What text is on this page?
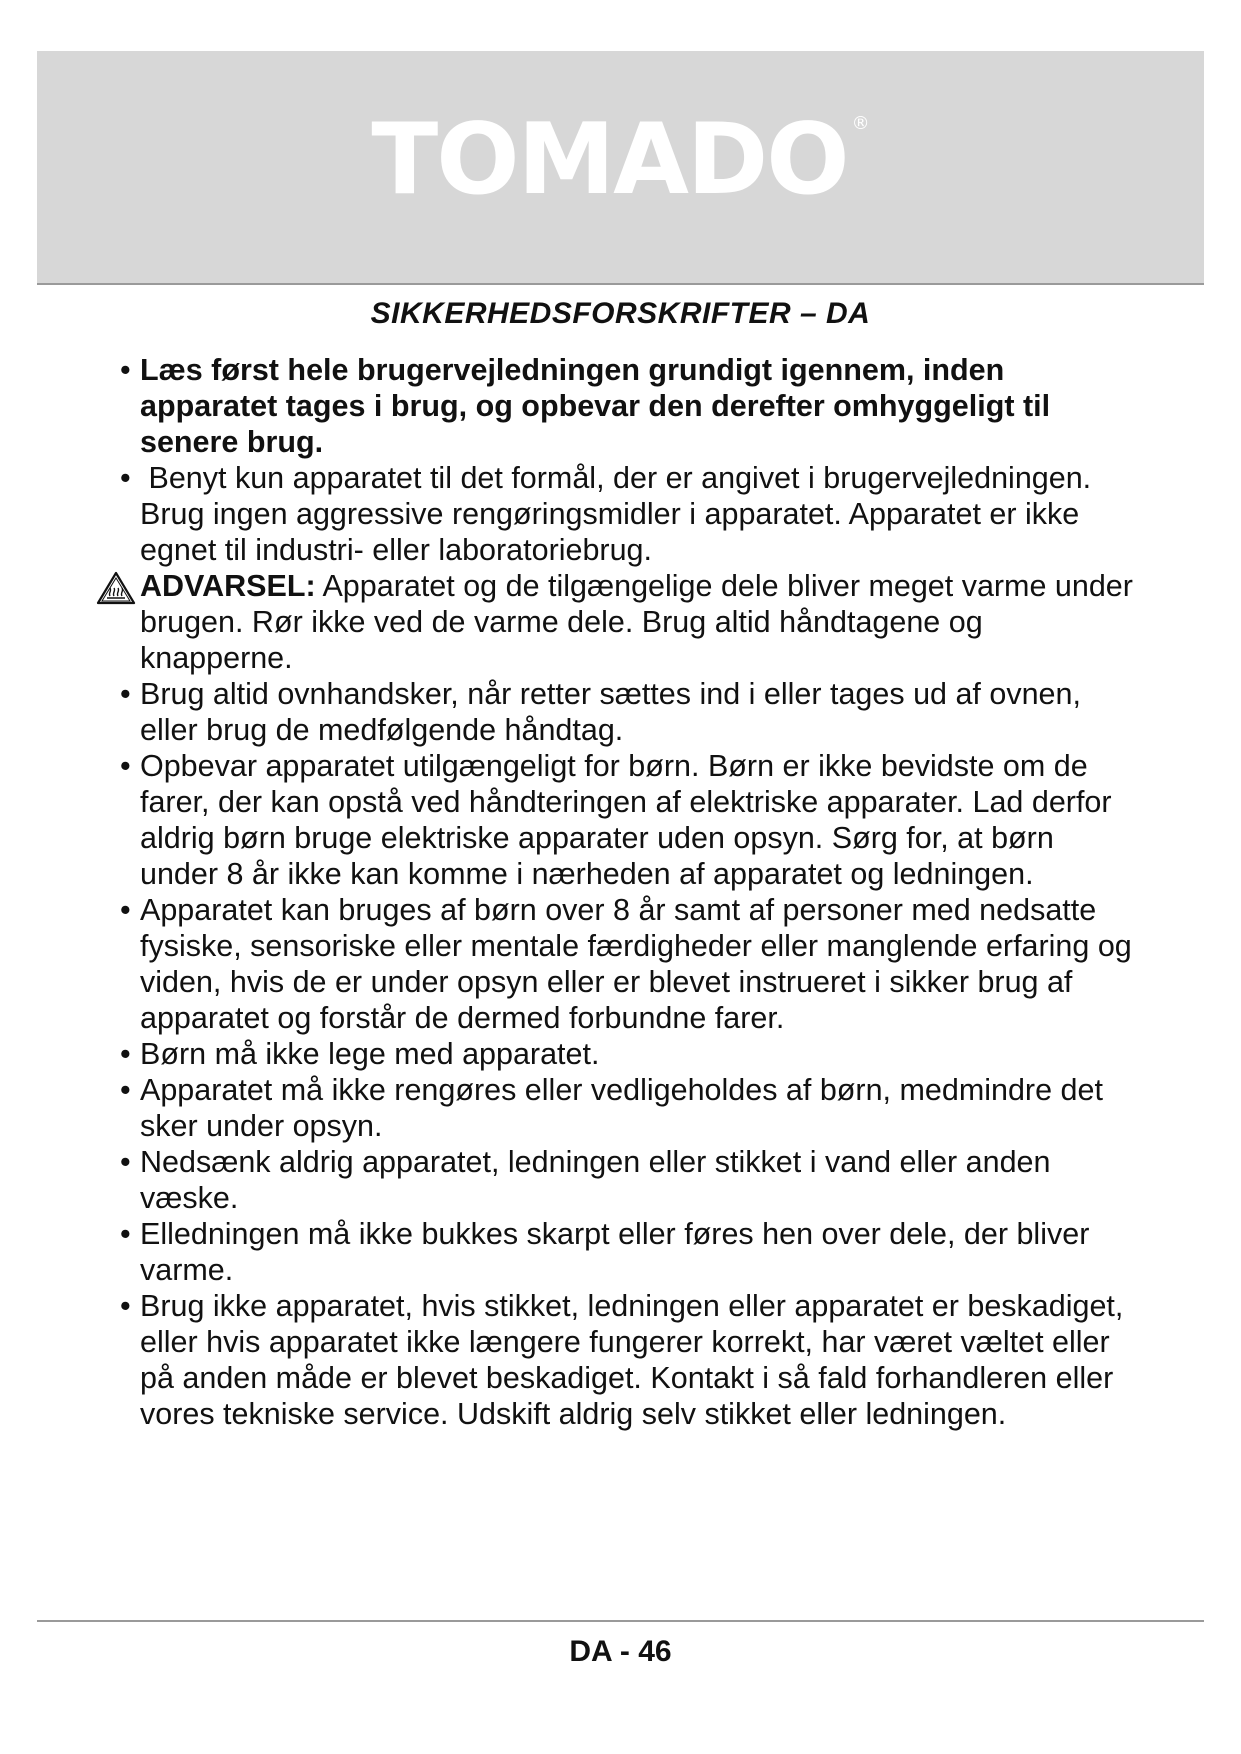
TOMADO ®
SIKKERHEDSFORSKRIFTER – DA
• Læs først hele brugervejledningen grundigt igennem, inden apparatet tages i brug, og opbevar den derefter omhyggeligt til senere brug.
• Benyt kun apparatet til det formål, der er angivet i brugervejledningen. Brug ingen aggressive rengøringsmidler i apparatet. Apparatet er ikke egnet til industri- eller laboratoriebrug.
ADVARSEL: Apparatet og de tilgængelige dele bliver meget varme under brugen. Rør ikke ved de varme dele. Brug altid håndtagene og knapperne.
• Brug altid ovnhandsker, når retter sættes ind i eller tages ud af ovnen, eller brug de medfølgende håndtag.
• Opbevar apparatet utilgængeligt for børn. Børn er ikke bevidste om de farer, der kan opstå ved håndteringen af elektriske apparater. Lad derfor aldrig børn bruge elektriske apparater uden opsyn. Sørg for, at børn under 8 år ikke kan komme i nærheden af apparatet og ledningen.
• Apparatet kan bruges af børn over 8 år samt af personer med nedsatte fysiske, sensoriske eller mentale færdigheder eller manglende erfaring og viden, hvis de er under opsyn eller er blevet instrueret i sikker brug af apparatet og forstår de dermed forbundne farer.
• Børn må ikke lege med apparatet.
• Apparatet må ikke rengøres eller vedligeholdes af børn, medmindre det sker under opsyn.
• Nedsænk aldrig apparatet, ledningen eller stikket i vand eller anden væske.
• Elledningen må ikke bukkes skarpt eller føres hen over dele, der bliver varme.
• Brug ikke apparatet, hvis stikket, ledningen eller apparatet er beskadiget, eller hvis apparatet ikke længere fungerer korrekt, har været væltet eller på anden måde er blevet beskadiget. Kontakt i så fald forhandleren eller vores tekniske service. Udskift aldrig selv stikket eller ledningen.
DA - 46
